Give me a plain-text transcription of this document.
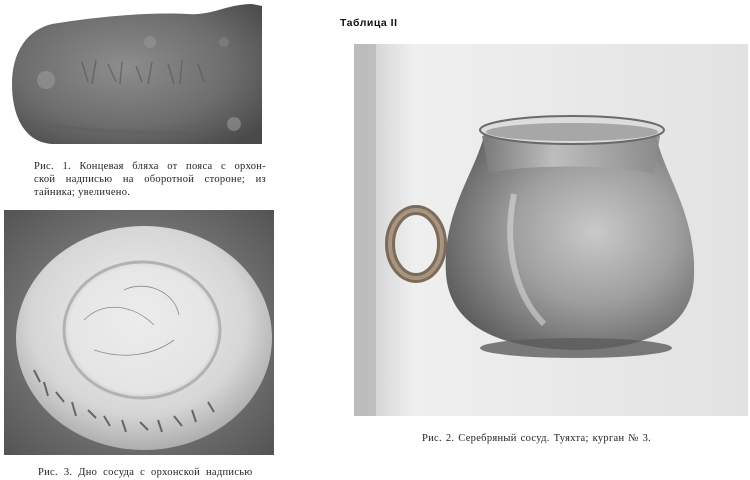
Рис. 1. Концевая бляха от пояса с орхон-
ской надписью на оборотной стороне; из
тайника; увеличено.
Рис. 3. Дно сосуда с орхонской надписью
Таблица II
Рис. 2. Серебряный сосуд. Туяхта; курган № 3.
